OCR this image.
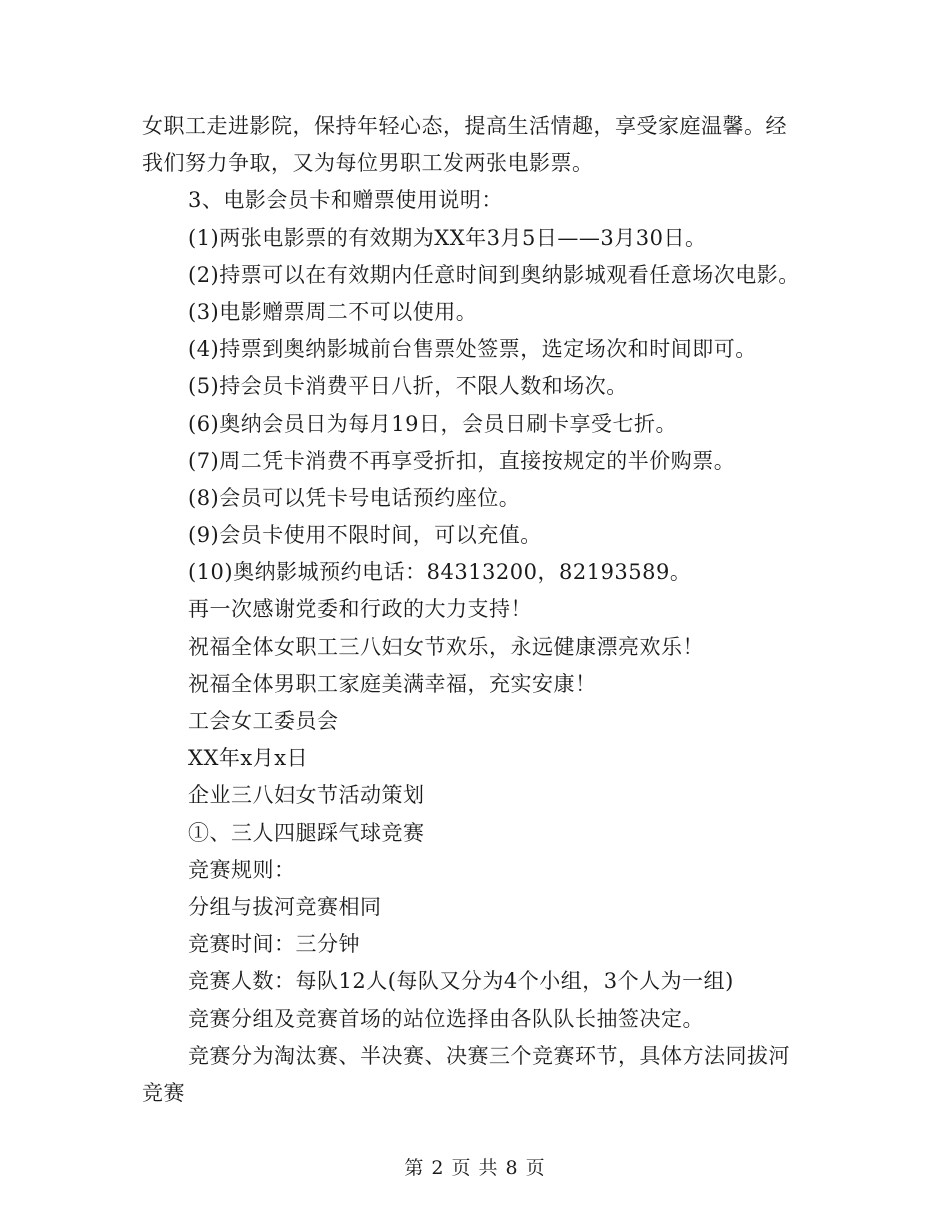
女职工走进影院，保持年轻心态，提高生活情趣，享受家庭温馨。经
我们努力争取，又为每位男职工发两张电影票。
3、电影会员卡和赠票使用说明：
(1)两张电影票的有效期为XX年3月5日——3月30日。
(2)持票可以在有效期内任意时间到奥纳影城观看任意场次电影。
(3)电影赠票周二不可以使用。
(4)持票到奥纳影城前台售票处签票，选定场次和时间即可。
(5)持会员卡消费平日八折，不限人数和场次。
(6)奥纳会员日为每月19日，会员日刷卡享受七折。
(7)周二凭卡消费不再享受折扣，直接按规定的半价购票。
(8)会员可以凭卡号电话预约座位。
(9)会员卡使用不限时间，可以充值。
(10)奥纳影城预约电话：84313200，82193589。
再一次感谢党委和行政的大力支持！
祝福全体女职工三八妇女节欢乐，永远健康漂亮欢乐！
祝福全体男职工家庭美满幸福，充实安康！
工会女工委员会
XX年x月x日
企业三八妇女节活动策划
①、三人四腿踩气球竞赛
竞赛规则：
分组与拔河竞赛相同
竞赛时间：三分钟
竞赛人数：每队12人(每队又分为4个小组，3个人为一组)
竞赛分组及竞赛首场的站位选择由各队队长抽签决定。
竞赛分为淘汰赛、半决赛、决赛三个竞赛环节，具体方法同拔河
竞赛
第 2 页 共 8 页
